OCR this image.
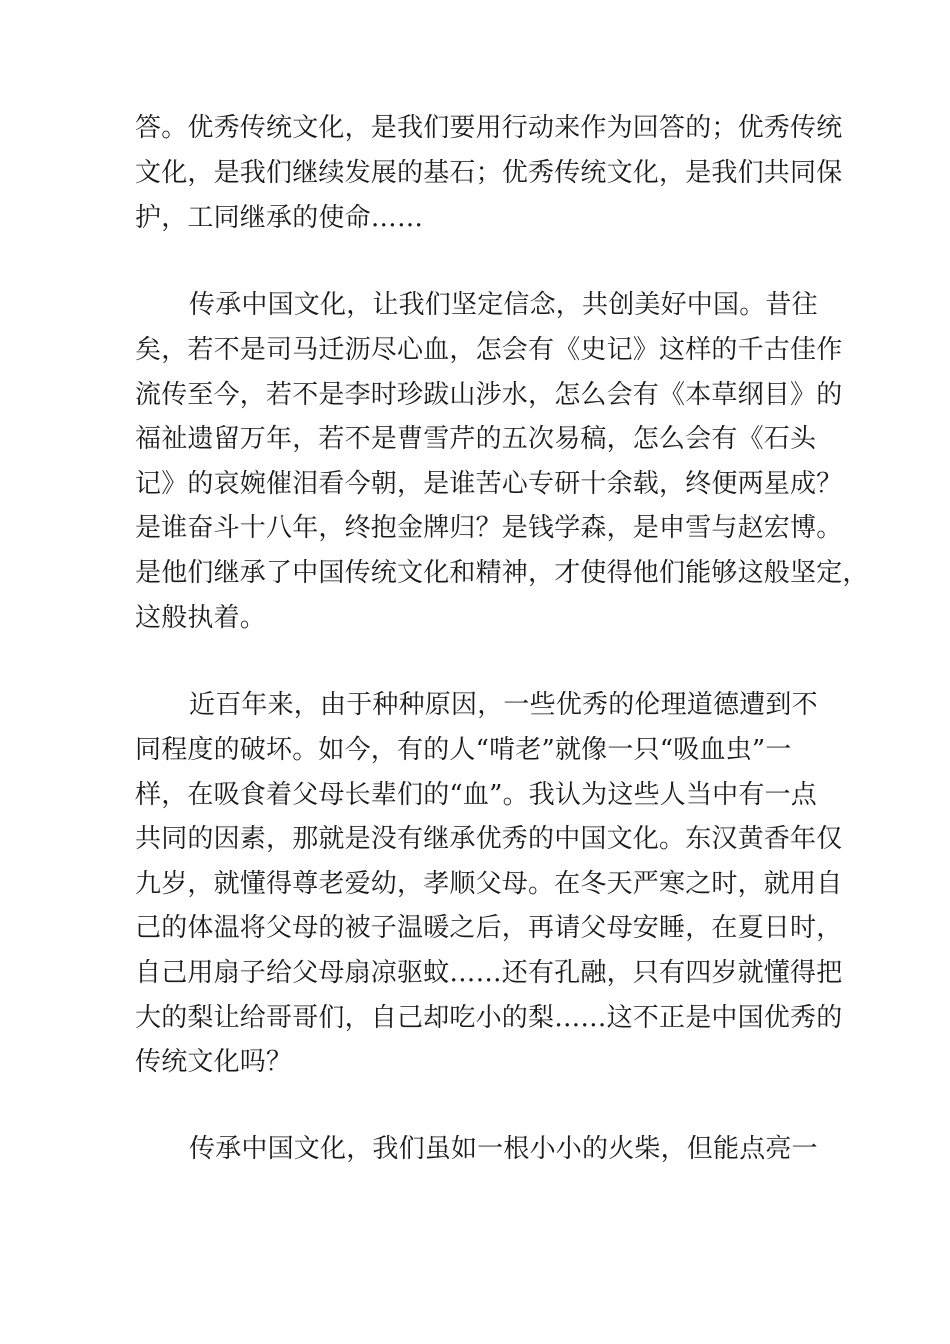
答。优秀传统文化，是我们要用行动来作为回答的；优秀传统
文化，是我们继续发展的基石；优秀传统文化，是我们共同保
护，工同继承的使命……
传承中国文化，让我们坚定信念，共创美好中国。昔往
矣，若不是司马迁沥尽心血，怎会有《史记》这样的千古佳作
流传至今，若不是李时珍跋山涉水，怎么会有《本草纲目》的
福祉遗留万年，若不是曹雪芹的五次易稿，怎么会有《石头
记》的哀婉催泪看今朝，是谁苦心专研十余载，终便两星成？
是谁奋斗十八年，终抱金牌归？是钱学森，是申雪与赵宏博。
是他们继承了中国传统文化和精神，才使得他们能够这般坚定，
这般执着。
近百年来，由于种种原因，一些优秀的伦理道德遭到不
同程度的破坏。如今，有的人“啃老”就像一只“吸血虫”一
样，在吸食着父母长辈们的“血”。我认为这些人当中有一点
共同的因素，那就是没有继承优秀的中国文化。东汉黄香年仅
九岁，就懂得尊老爱幼，孝顺父母。在冬天严寒之时，就用自
己的体温将父母的被子温暖之后，再请父母安睡，在夏日时，
自己用扇子给父母扇凉驱蚊……还有孔融，只有四岁就懂得把
大的梨让给哥哥们，自己却吃小的梨……这不正是中国优秀的
传统文化吗？
传承中国文化，我们虽如一根小小的火柴，但能点亮一
